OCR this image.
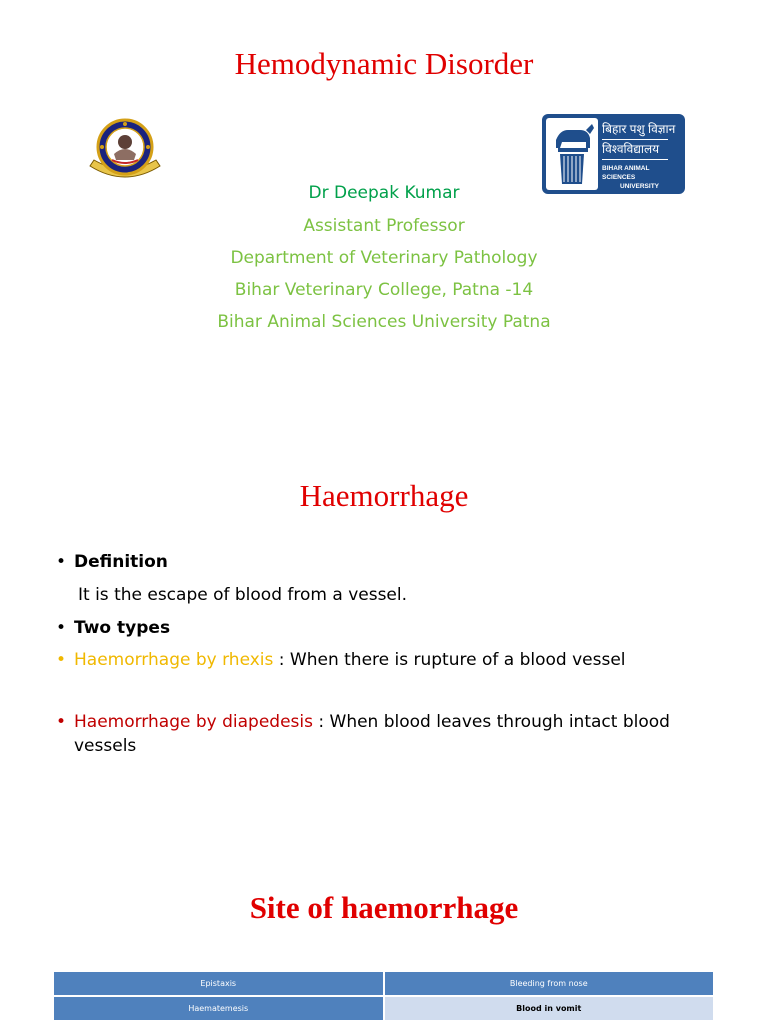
Hemodynamic Disorder
बिहार पशु विज्ञान
विश्वविद्यालय
BIHAR ANIMAL SCIENCES
UNIVERSITY
Dr Deepak Kumar
Assistant Professor
Department of Veterinary Pathology
Bihar Veterinary College, Patna -14
Bihar Animal Sciences University Patna
Haemorrhage
• Definition
It is the escape of blood from a vessel.
• Two types
• Haemorrhage by rhexis : When there is rupture of a blood vessel
• Haemorrhage by diapedesis : When blood leaves through intact blood vessels
Site of haemorrhage
Epistaxis	Bleeding from nose
Haematemesis	Blood in vomit
